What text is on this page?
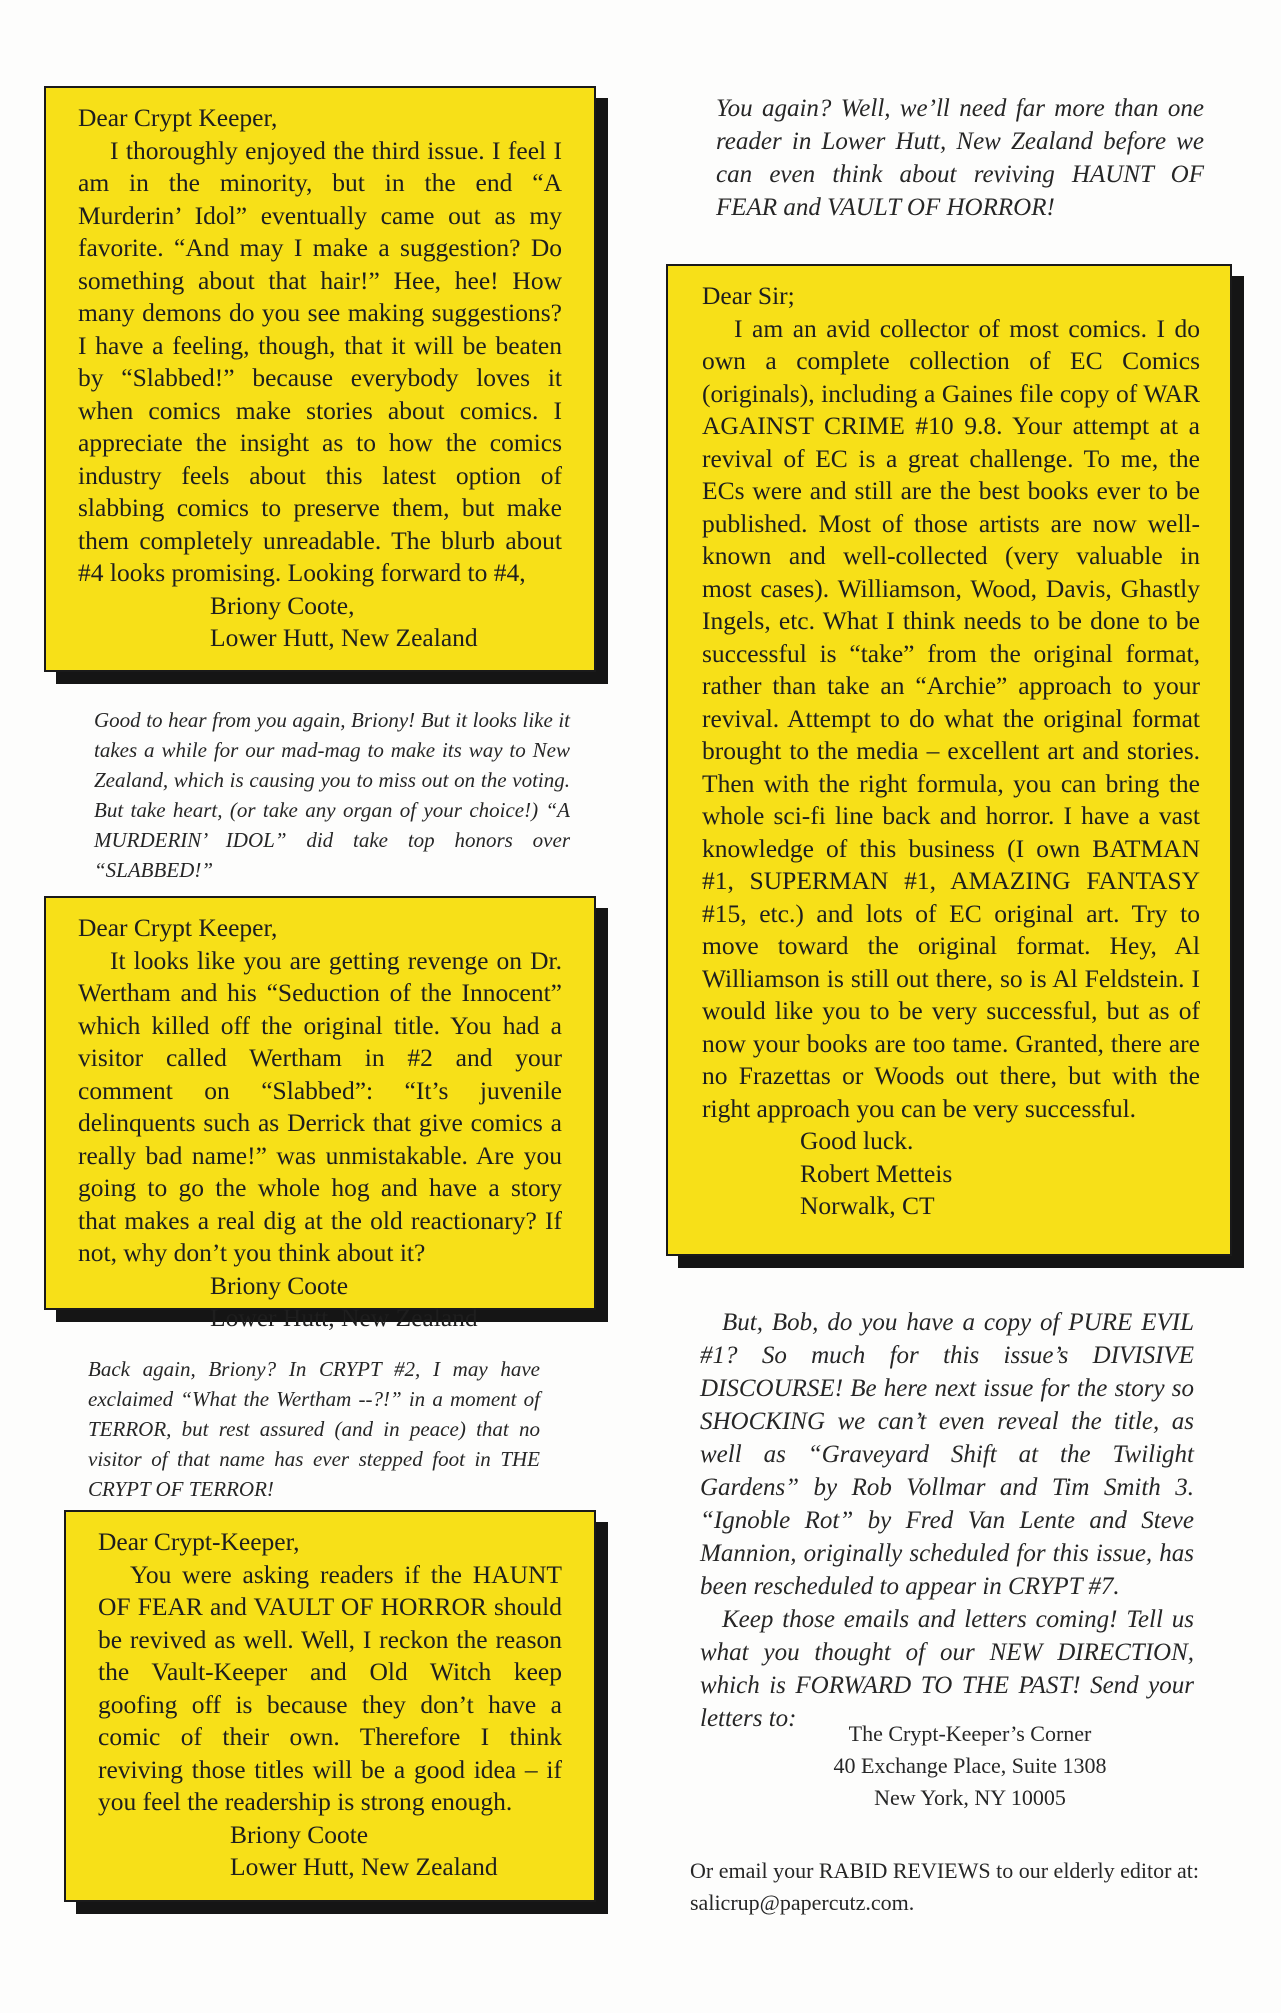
Dear Crypt Keeper,

I thoroughly enjoyed the third issue. I feel I am in the minority, but in the end “A Murderin’ Idol” eventually came out as my favorite. “And may I make a suggestion? Do something about that hair!” Hee, hee! How many demons do you see making suggestions? I have a feeling, though, that it will be beaten by “Slabbed!” because everybody loves it when comics make stories about comics. I appreciate the insight as to how the comics industry feels about this latest option of slabbing comics to preserve them, but make them completely unreadable. The blurb about #4 looks promising. Looking forward to #4,

Briony Coote,
Lower Hutt, New Zealand

Good to hear from you again, Briony! But it looks like it takes a while for our mad-mag to make its way to New Zealand, which is causing you to miss out on the voting. But take heart, (or take any organ of your choice!) “A MURDERIN’ IDOL” did take top honors over “SLABBED!”

Dear Crypt Keeper,

It looks like you are getting revenge on Dr. Wertham and his “Seduction of the Innocent” which killed off the original title. You had a visitor called Wertham in #2 and your comment on “Slabbed”: “It’s juvenile delinquents such as Derrick that give comics a really bad name!” was unmistakable. Are you going to go the whole hog and have a story that makes a real dig at the old reactionary? If not, why don’t you think about it?

Briony Coote
Lower Hutt, New Zealand

Back again, Briony? In CRYPT #2, I may have exclaimed “What the Wertham --?!” in a moment of TERROR, but rest assured (and in peace) that no visitor of that name has ever stepped foot in THE CRYPT OF TERROR!

Dear Crypt-Keeper,

You were asking readers if the HAUNT OF FEAR and VAULT OF HORROR should be revived as well. Well, I reckon the reason the Vault-Keeper and Old Witch keep goofing off is because they don’t have a comic of their own. Therefore I think reviving those titles will be a good idea – if you feel the readership is strong enough.

Briony Coote
Lower Hutt, New Zealand

You again? Well, we’ll need far more than one reader in Lower Hutt, New Zealand before we can even think about reviving HAUNT OF FEAR and VAULT OF HORROR!

Dear Sir;

I am an avid collector of most comics. I do own a complete collection of EC Comics (originals), including a Gaines file copy of WAR AGAINST CRIME #10 9.8. Your attempt at a revival of EC is a great challenge. To me, the ECs were and still are the best books ever to be published. Most of those artists are now well-known and well-collected (very valuable in most cases). Williamson, Wood, Davis, Ghastly Ingels, etc. What I think needs to be done to be successful is “take” from the original format, rather than take an “Archie” approach to your revival. Attempt to do what the original format brought to the media – excellent art and stories. Then with the right formula, you can bring the whole sci-fi line back and horror. I have a vast knowledge of this business (I own BATMAN #1, SUPERMAN #1, AMAZING FANTASY #15, etc.) and lots of EC original art. Try to move toward the original format. Hey, Al Williamson is still out there, so is Al Feldstein. I would like you to be very successful, but as of now your books are too tame. Granted, there are no Frazettas or Woods out there, but with the right approach you can be very successful.

Good luck.
Robert Metteis
Norwalk, CT

But, Bob, do you have a copy of PURE EVIL #1? So much for this issue’s DIVISIVE DISCOURSE! Be here next issue for the story so SHOCKING we can’t even reveal the title, as well as “Graveyard Shift at the Twilight Gardens” by Rob Vollmar and Tim Smith 3. “Ignoble Rot” by Fred Van Lente and Steve Mannion, originally scheduled for this issue, has been rescheduled to appear in CRYPT #7.

Keep those emails and letters coming! Tell us what you thought of our NEW DIRECTION, which is FORWARD TO THE PAST! Send your letters to:

The Crypt-Keeper’s Corner
40 Exchange Place, Suite 1308
New York, NY 10005
Or email your RABID REVIEWS to our elderly editor at: salicrup@papercutz.com.
